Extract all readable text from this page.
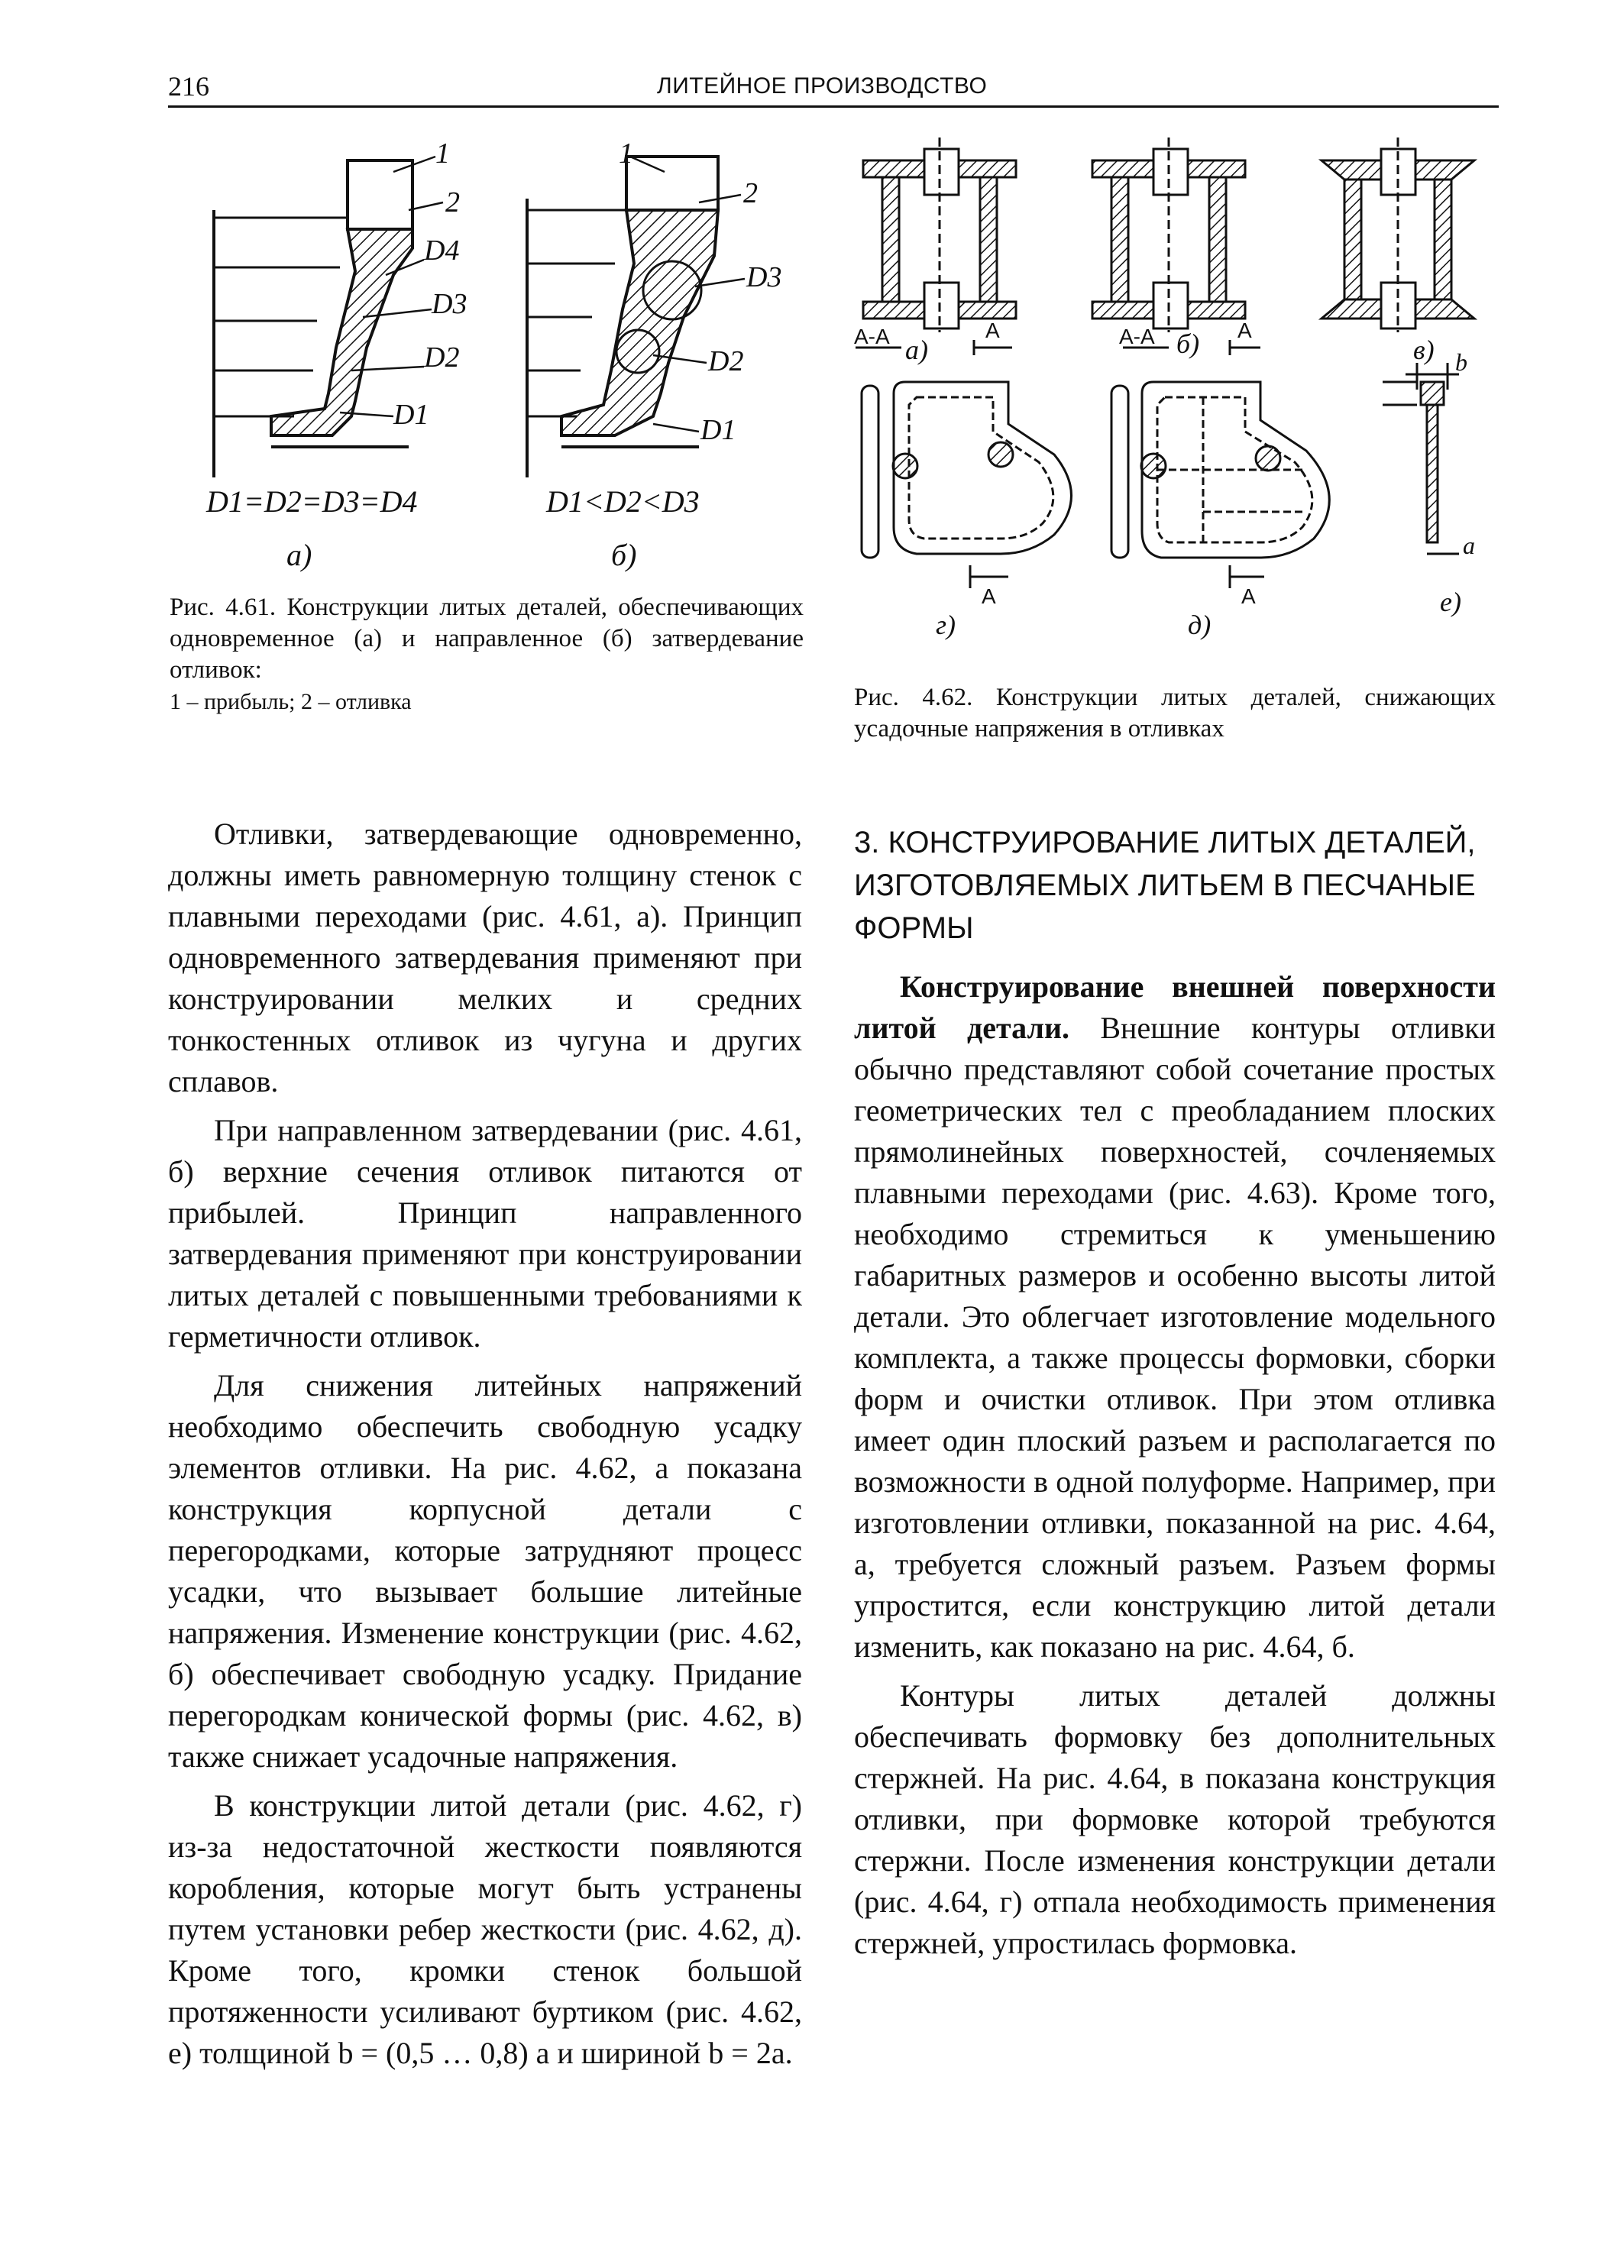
216	ЛИТЕЙНОЕ ПРОИЗВОДСТВО
1
2
D4
D3
D2
D1
1
2
D3
D2
D1
D1=D2=D3=D4	D1<D2<D3
а)	б)
Рис. 4.61. Конструкции литых деталей, обеспечивающих одновременное (а) и направленное (б) затвердевание отливок:
1 – прибыль; 2 – отливка
а)	б)	в)
г)	д)
е)
b
a
А-А	А-А
А	А
А	А
Рис. 4.62. Конструкции литых деталей, снижающих усадочные напряжения в отливках

Отливки, затвердевающие одновременно, должны иметь равномерную толщину стенок с плавными переходами (рис. 4.61, а). Принцип одновременного затвердевания применяют при конструировании мелких и средних тонкостенных отливок из чугуна и других сплавов.

При направленном затвердевании (рис. 4.61, б) верхние сечения отливок питаются от прибылей. Принцип направленного затвердевания применяют при конструировании литых деталей с повышенными требованиями к герметичности отливок.

Для снижения литейных напряжений необходимо обеспечить свободную усадку элементов отливки. На рис. 4.62, а показана конструкция корпусной детали с перегородками, которые затрудняют процесс усадки, что вызывает большие литейные напряжения. Изменение конструкции (рис. 4.62, б) обеспечивает свободную усадку. Придание перегородкам конической формы (рис. 4.62, в) также снижает усадочные напряжения.

В конструкции литой детали (рис. 4.62, г) из-за недостаточной жесткости появляются коробления, которые могут быть устранены путем установки ребер жесткости (рис. 4.62, д). Кроме того, кромки стенок большой протяженности усиливают буртиком (рис. 4.62, е) толщиной b = (0,5 … 0,8) a и шириной b = 2a.

3. КОНСТРУИРОВАНИЕ ЛИТЫХ ДЕТАЛЕЙ, ИЗГОТОВЛЯЕМЫХ ЛИТЬЕМ В ПЕСЧАНЫЕ ФОРМЫ

Конструирование внешней поверхности литой детали. Внешние контуры отливки обычно представляют собой сочетание простых геометрических тел с преобладанием плоских прямолинейных поверхностей, сочленяемых плавными переходами (рис. 4.63). Кроме того, необходимо стремиться к уменьшению габаритных размеров и особенно высоты литой детали. Это облегчает изготовление модельного комплекта, а также процессы формовки, сборки форм и очистки отливок. При этом отливка имеет один плоский разъем и располагается по возможности в одной полуформе. Например, при изготовлении отливки, показанной на рис. 4.64, а, требуется сложный разъем. Разъем формы упростится, если конструкцию литой детали изменить, как показано на рис. 4.64, б.

Контуры литых деталей должны обеспечивать формовку без дополнительных стержней. На рис. 4.64, в показана конструкция отливки, при формовке которой требуются стержни. После изменения конструкции детали (рис. 4.64, г) отпала необходимость применения стержней, упростилась формовка.
